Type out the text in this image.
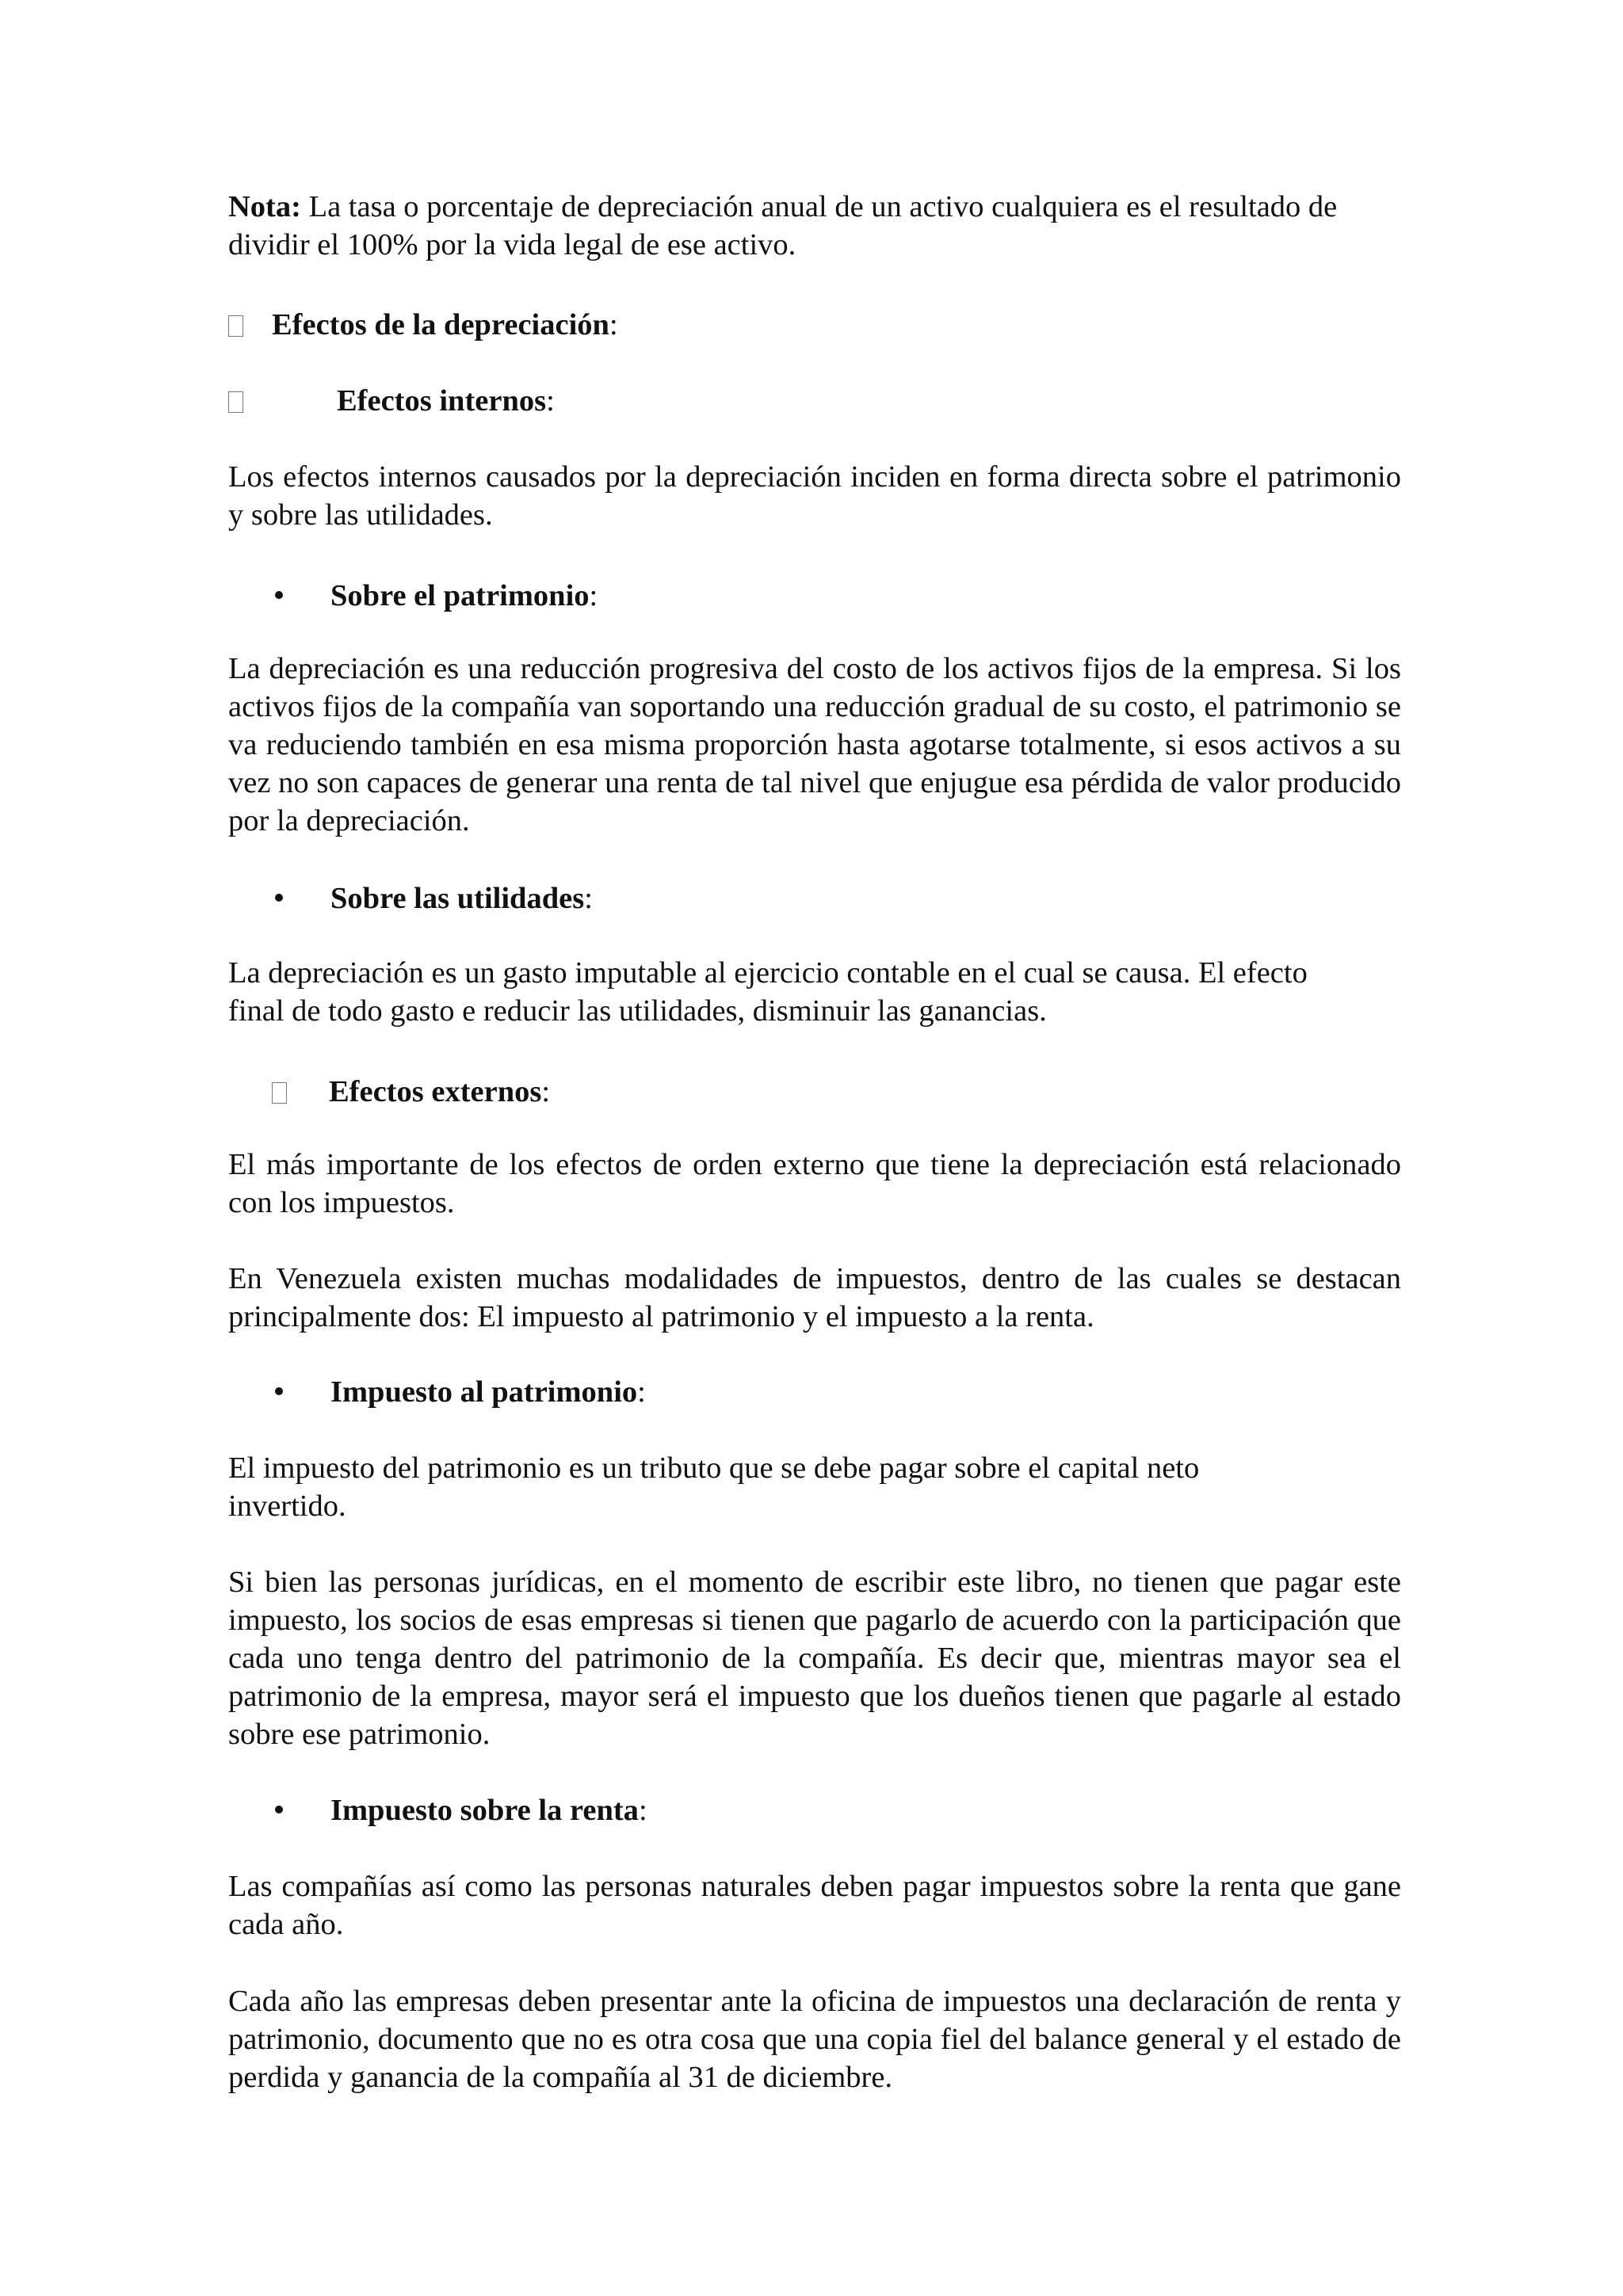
Nota: La tasa o porcentaje de depreciación anual de un activo cualquiera es el resultado de dividir el 100% por la vida legal de ese activo.
Efectos de la depreciación:
Efectos internos:
Los efectos internos causados por la depreciación inciden en forma directa sobre el patrimonio y sobre las utilidades.
Sobre el patrimonio:
La depreciación es una reducción progresiva del costo de los activos fijos de la empresa. Si los activos fijos de la compañía van soportando una reducción gradual de su costo, el patrimonio se va reduciendo también en esa misma proporción hasta agotarse totalmente, si esos activos a su vez no son capaces de generar una renta de tal nivel que enjugue esa pérdida de valor producido por la depreciación.
Sobre las utilidades:
La depreciación es un gasto imputable al ejercicio contable en el cual se causa. El efecto
final de todo gasto e reducir las utilidades, disminuir las ganancias.
Efectos externos:
El más importante de los efectos de orden externo que tiene la depreciación está relacionado con los impuestos.
En Venezuela existen muchas modalidades de impuestos, dentro de las cuales se destacan principalmente dos: El impuesto al patrimonio y el impuesto a la renta.
Impuesto al patrimonio:
El impuesto del patrimonio es un tributo que se debe pagar sobre el capital neto
invertido.
Si bien las personas jurídicas, en el momento de escribir este libro, no tienen que pagar este impuesto, los socios de esas empresas si tienen que pagarlo de acuerdo con la participación que cada uno tenga dentro del patrimonio de la compañía. Es decir que, mientras mayor sea el patrimonio de la empresa, mayor será el impuesto que los dueños tienen que pagarle al estado sobre ese patrimonio.
Impuesto sobre la renta:
Las compañías así como las personas naturales deben pagar impuestos sobre la renta que gane cada año.
Cada año las empresas deben presentar ante la oficina de impuestos una declaración de renta y patrimonio, documento que no es otra cosa que una copia fiel del balance general y el estado de perdida y ganancia de la compañía al 31 de diciembre.
